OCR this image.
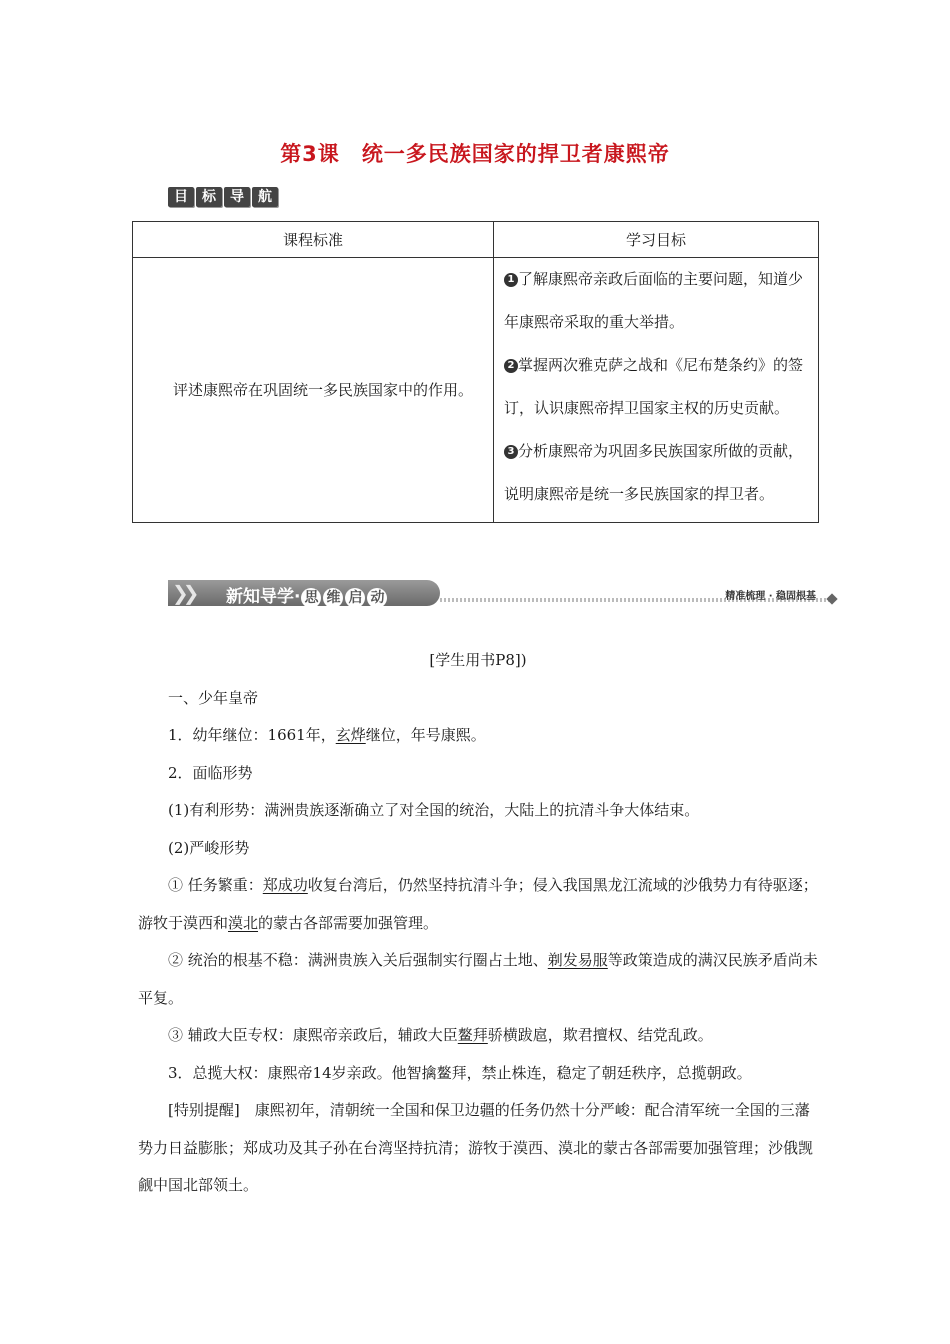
第3课 统一多民族国家的捍卫者康熙帝
目	标	导	航
课程标准	学习目标

评述康熙帝在巩固统一多民族国家中的作用。	1 了解康熙帝亲政后面临的主要问题，知道少年康熙帝采取的重大举措。

2 掌握两次雅克萨之战和《尼布楚条约》的签订，认识康熙帝捍卫国家主权的历史贡献。

3 分析康熙帝为巩固多民族国家所做的贡献，说明康熙帝是统一多民族国家的捍卫者。

❯❯ 新知导学· 思 维 启 动	精准梳理 · 稳固根基

[学生用书P8])

一、少年皇帝

1．幼年继位：1661年，玄烨继位，年号康熙。

2．面临形势

(1)有利形势：满洲贵族逐渐确立了对全国的统治，大陆上的抗清斗争大体结束。

(2)严峻形势

① 任务繁重：郑成功收复台湾后，仍然坚持抗清斗争；侵入我国黑龙江流域的沙俄势力有待驱逐；游牧于漠西和漠北的蒙古各部需要加强管理。

② 统治的根基不稳：满洲贵族入关后强制实行圈占土地、剃发易服等政策造成的满汉民族矛盾尚未平复。

③ 辅政大臣专权：康熙帝亲政后，辅政大臣鳌拜骄横跋扈，欺君擅权、结党乱政。

3．总揽大权：康熙帝14岁亲政。他智擒鳌拜，禁止株连，稳定了朝廷秩序，总揽朝政。

[特别提醒]　康熙初年，清朝统一全国和保卫边疆的任务仍然十分严峻：配合清军统一全国的三藩势力日益膨胀；郑成功及其子孙在台湾坚持抗清；游牧于漠西、漠北的蒙古各部需要加强管理；沙俄觊觎中国北部领土。
